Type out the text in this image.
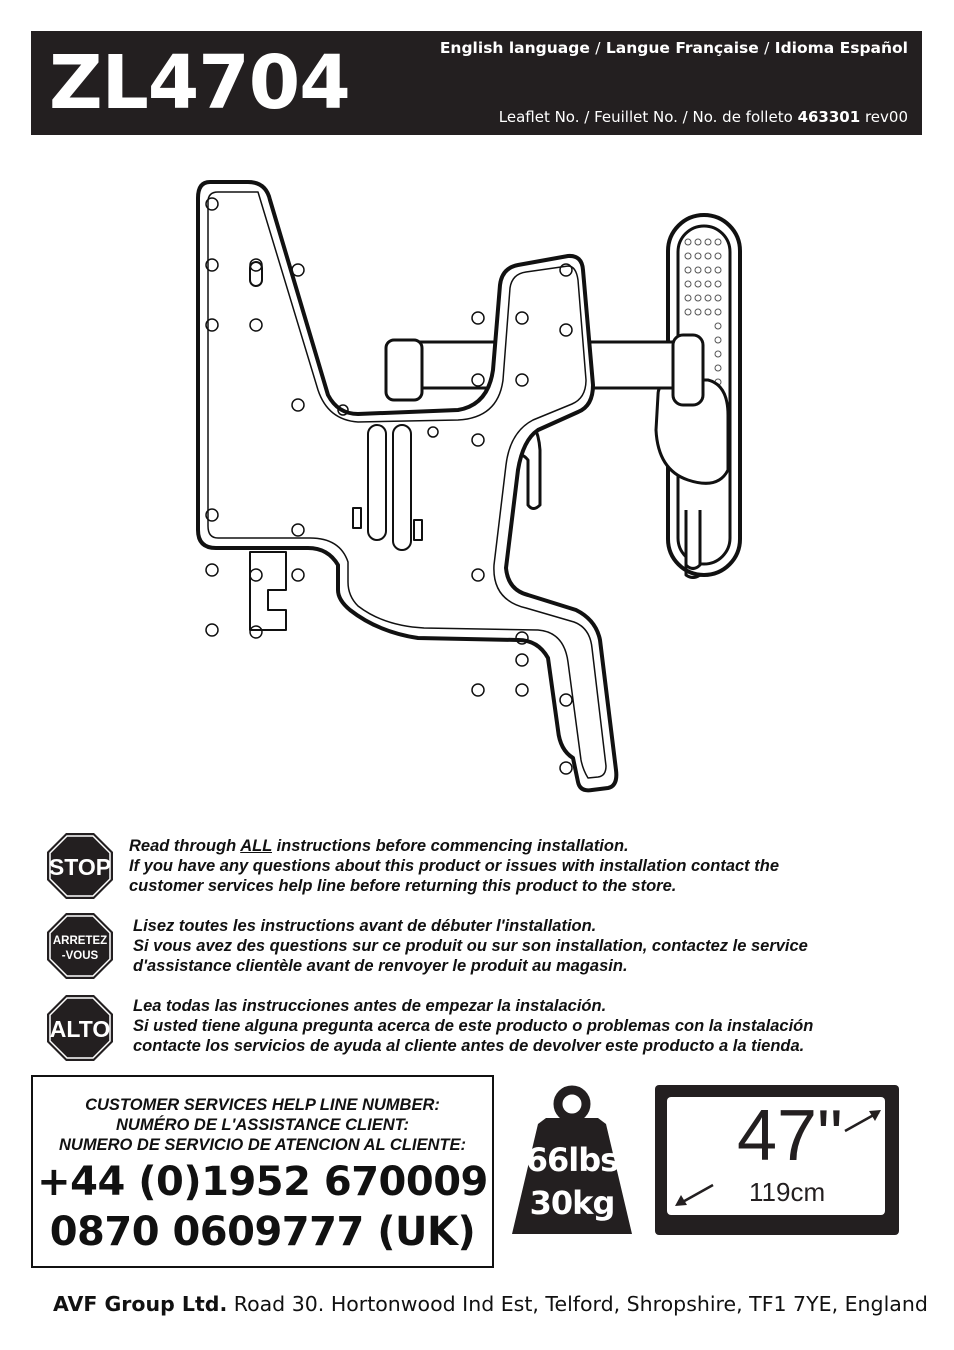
ZL4704	English language / Langue Française / Idioma Español
Leaflet No. / Feuillet No. / No. de folleto 463301 rev00
STOP
Read through ALL instructions before commencing installation.
If you have any questions about this product or issues with installation contact the
customer services help line before returning this product to the store.
ARRETEZ
-VOUS
Lisez toutes les instructions avant de débuter l'installation.
Si vous avez des questions sur ce produit ou sur son installation, contactez le service
d'assistance clientèle avant de renvoyer le produit au magasin.
ALTO
Lea todas las instrucciones antes de empezar la instalación.
Si usted tiene alguna pregunta acerca de este producto o problemas con la instalación
contacte los servicios de ayuda al cliente antes de devolver este producto a la tienda.
CUSTOMER SERVICES HELP LINE NUMBER:
NUMÉRO DE L'ASSISTANCE CLIENT:
NUMERO DE SERVICIO DE ATENCION AL CLIENTE:
+44 (0)1952 670009
0870 0609777 (UK)
66lbs
30kg
47"
119cm
AVF Group Ltd. Road 30. Hortonwood Ind Est, Telford, Shropshire, TF1 7YE, England
